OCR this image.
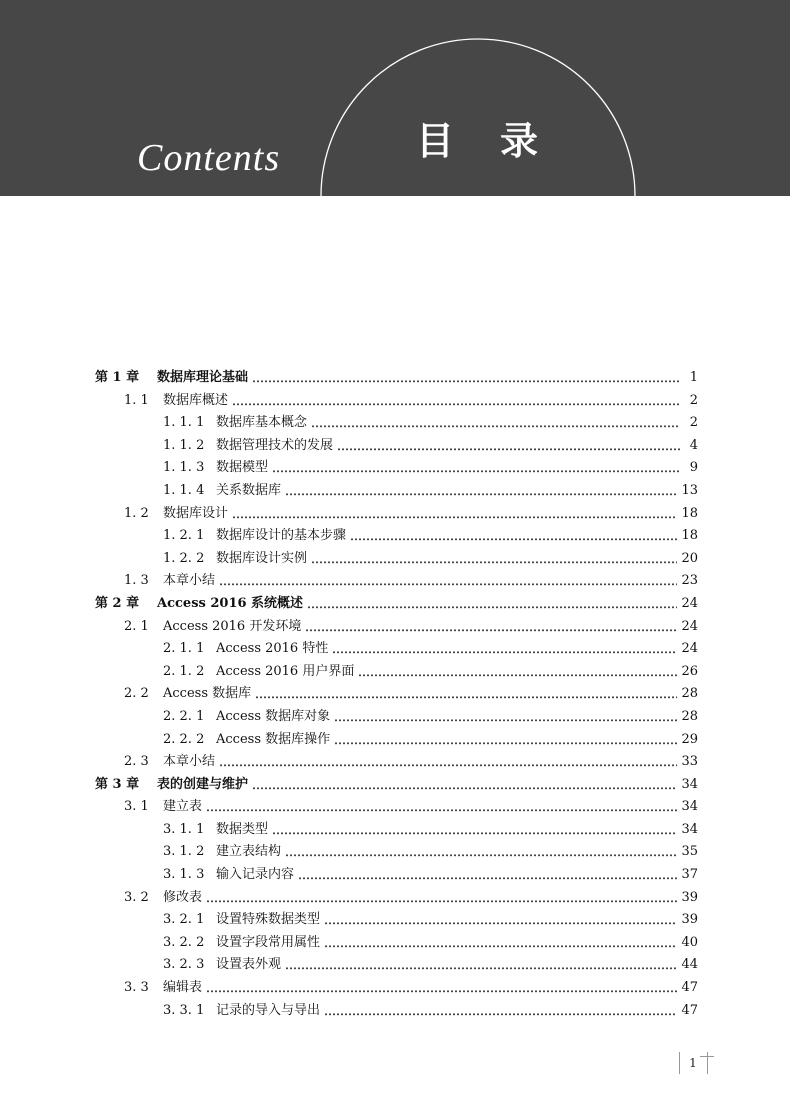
Contents	目录
第 1 章	数据库理论基础	1
1. 1	数据库概述	2
1. 1. 1 数据库基本概念	2
1. 1. 2 数据管理技术的发展	4
1. 1. 3 数据模型	9
1. 1. 4 关系数据库	13
1. 2	数据库设计	18
1. 2. 1 数据库设计的基本步骤	18
1. 2. 2 数据库设计实例	20
1. 3	本章小结	23
第 2 章	Access 2016 系统概述	24
2. 1	Access 2016 开发环境	24
2. 1. 1 Access 2016 特性	24
2. 1. 2 Access 2016 用户界面	26
2. 2	Access 数据库	28
2. 2. 1 Access 数据库对象	28
2. 2. 2 Access 数据库操作	29
2. 3	本章小结	33
第 3 章	表的创建与维护	34
3. 1	建立表	34
3. 1. 1 数据类型	34
3. 1. 2 建立表结构	35
3. 1. 3 输入记录内容	37
3. 2	修改表	39
3. 2. 1 设置特殊数据类型	39
3. 2. 2 设置字段常用属性	40
3. 2. 3 设置表外观	44
3. 3	编辑表	47
3. 3. 1 记录的导入与导出	47
1
